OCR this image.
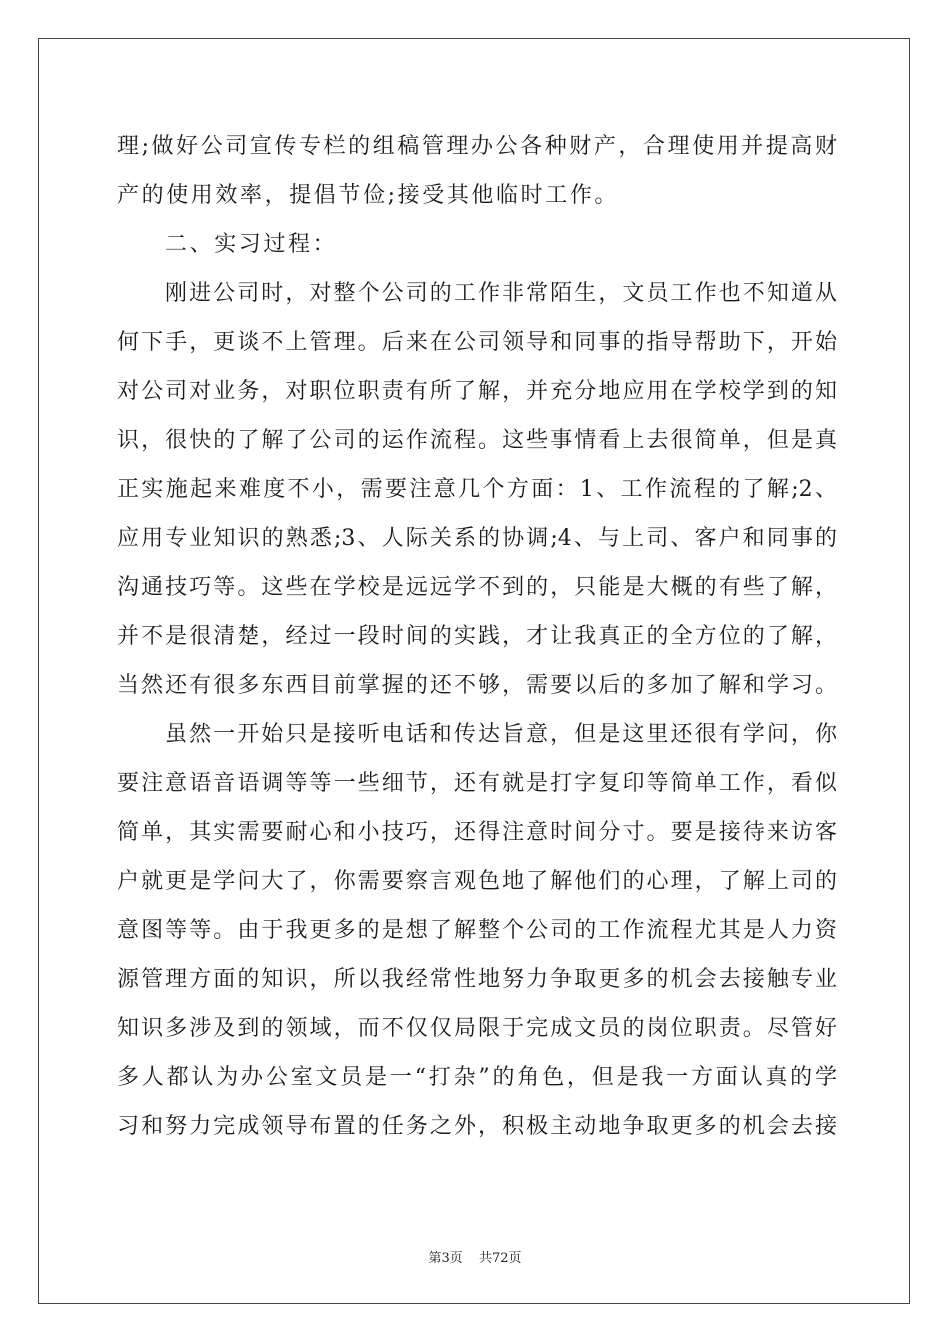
理;做好公司宣传专栏的组稿管理办公各种财产，合理使用并提高财
产的使用效率，提倡节俭;接受其他临时工作。
二、实习过程：
刚进公司时，对整个公司的工作非常陌生，文员工作也不知道从
何下手，更谈不上管理。后来在公司领导和同事的指导帮助下，开始
对公司对业务，对职位职责有所了解，并充分地应用在学校学到的知
识，很快的了解了公司的运作流程。这些事情看上去很简单，但是真
正实施起来难度不小，需要注意几个方面：1、工作流程的了解;2、
应用专业知识的熟悉;3、人际关系的协调;4、与上司、客户和同事的
沟通技巧等。这些在学校是远远学不到的，只能是大概的有些了解，
并不是很清楚，经过一段时间的实践，才让我真正的全方位的了解，
当然还有很多东西目前掌握的还不够，需要以后的多加了解和学习。
虽然一开始只是接听电话和传达旨意，但是这里还很有学问，你
要注意语音语调等等一些细节，还有就是打字复印等简单工作，看似
简单，其实需要耐心和小技巧，还得注意时间分寸。要是接待来访客
户就更是学问大了，你需要察言观色地了解他们的心理，了解上司的
意图等等。由于我更多的是想了解整个公司的工作流程尤其是人力资
源管理方面的知识，所以我经常性地努力争取更多的机会去接触专业
知识多涉及到的领域，而不仅仅局限于完成文员的岗位职责。尽管好
多人都认为办公室文员是一“打杂”的角色，但是我一方面认真的学
习和努力完成领导布置的任务之外，积极主动地争取更多的机会去接
第3页 共72页
